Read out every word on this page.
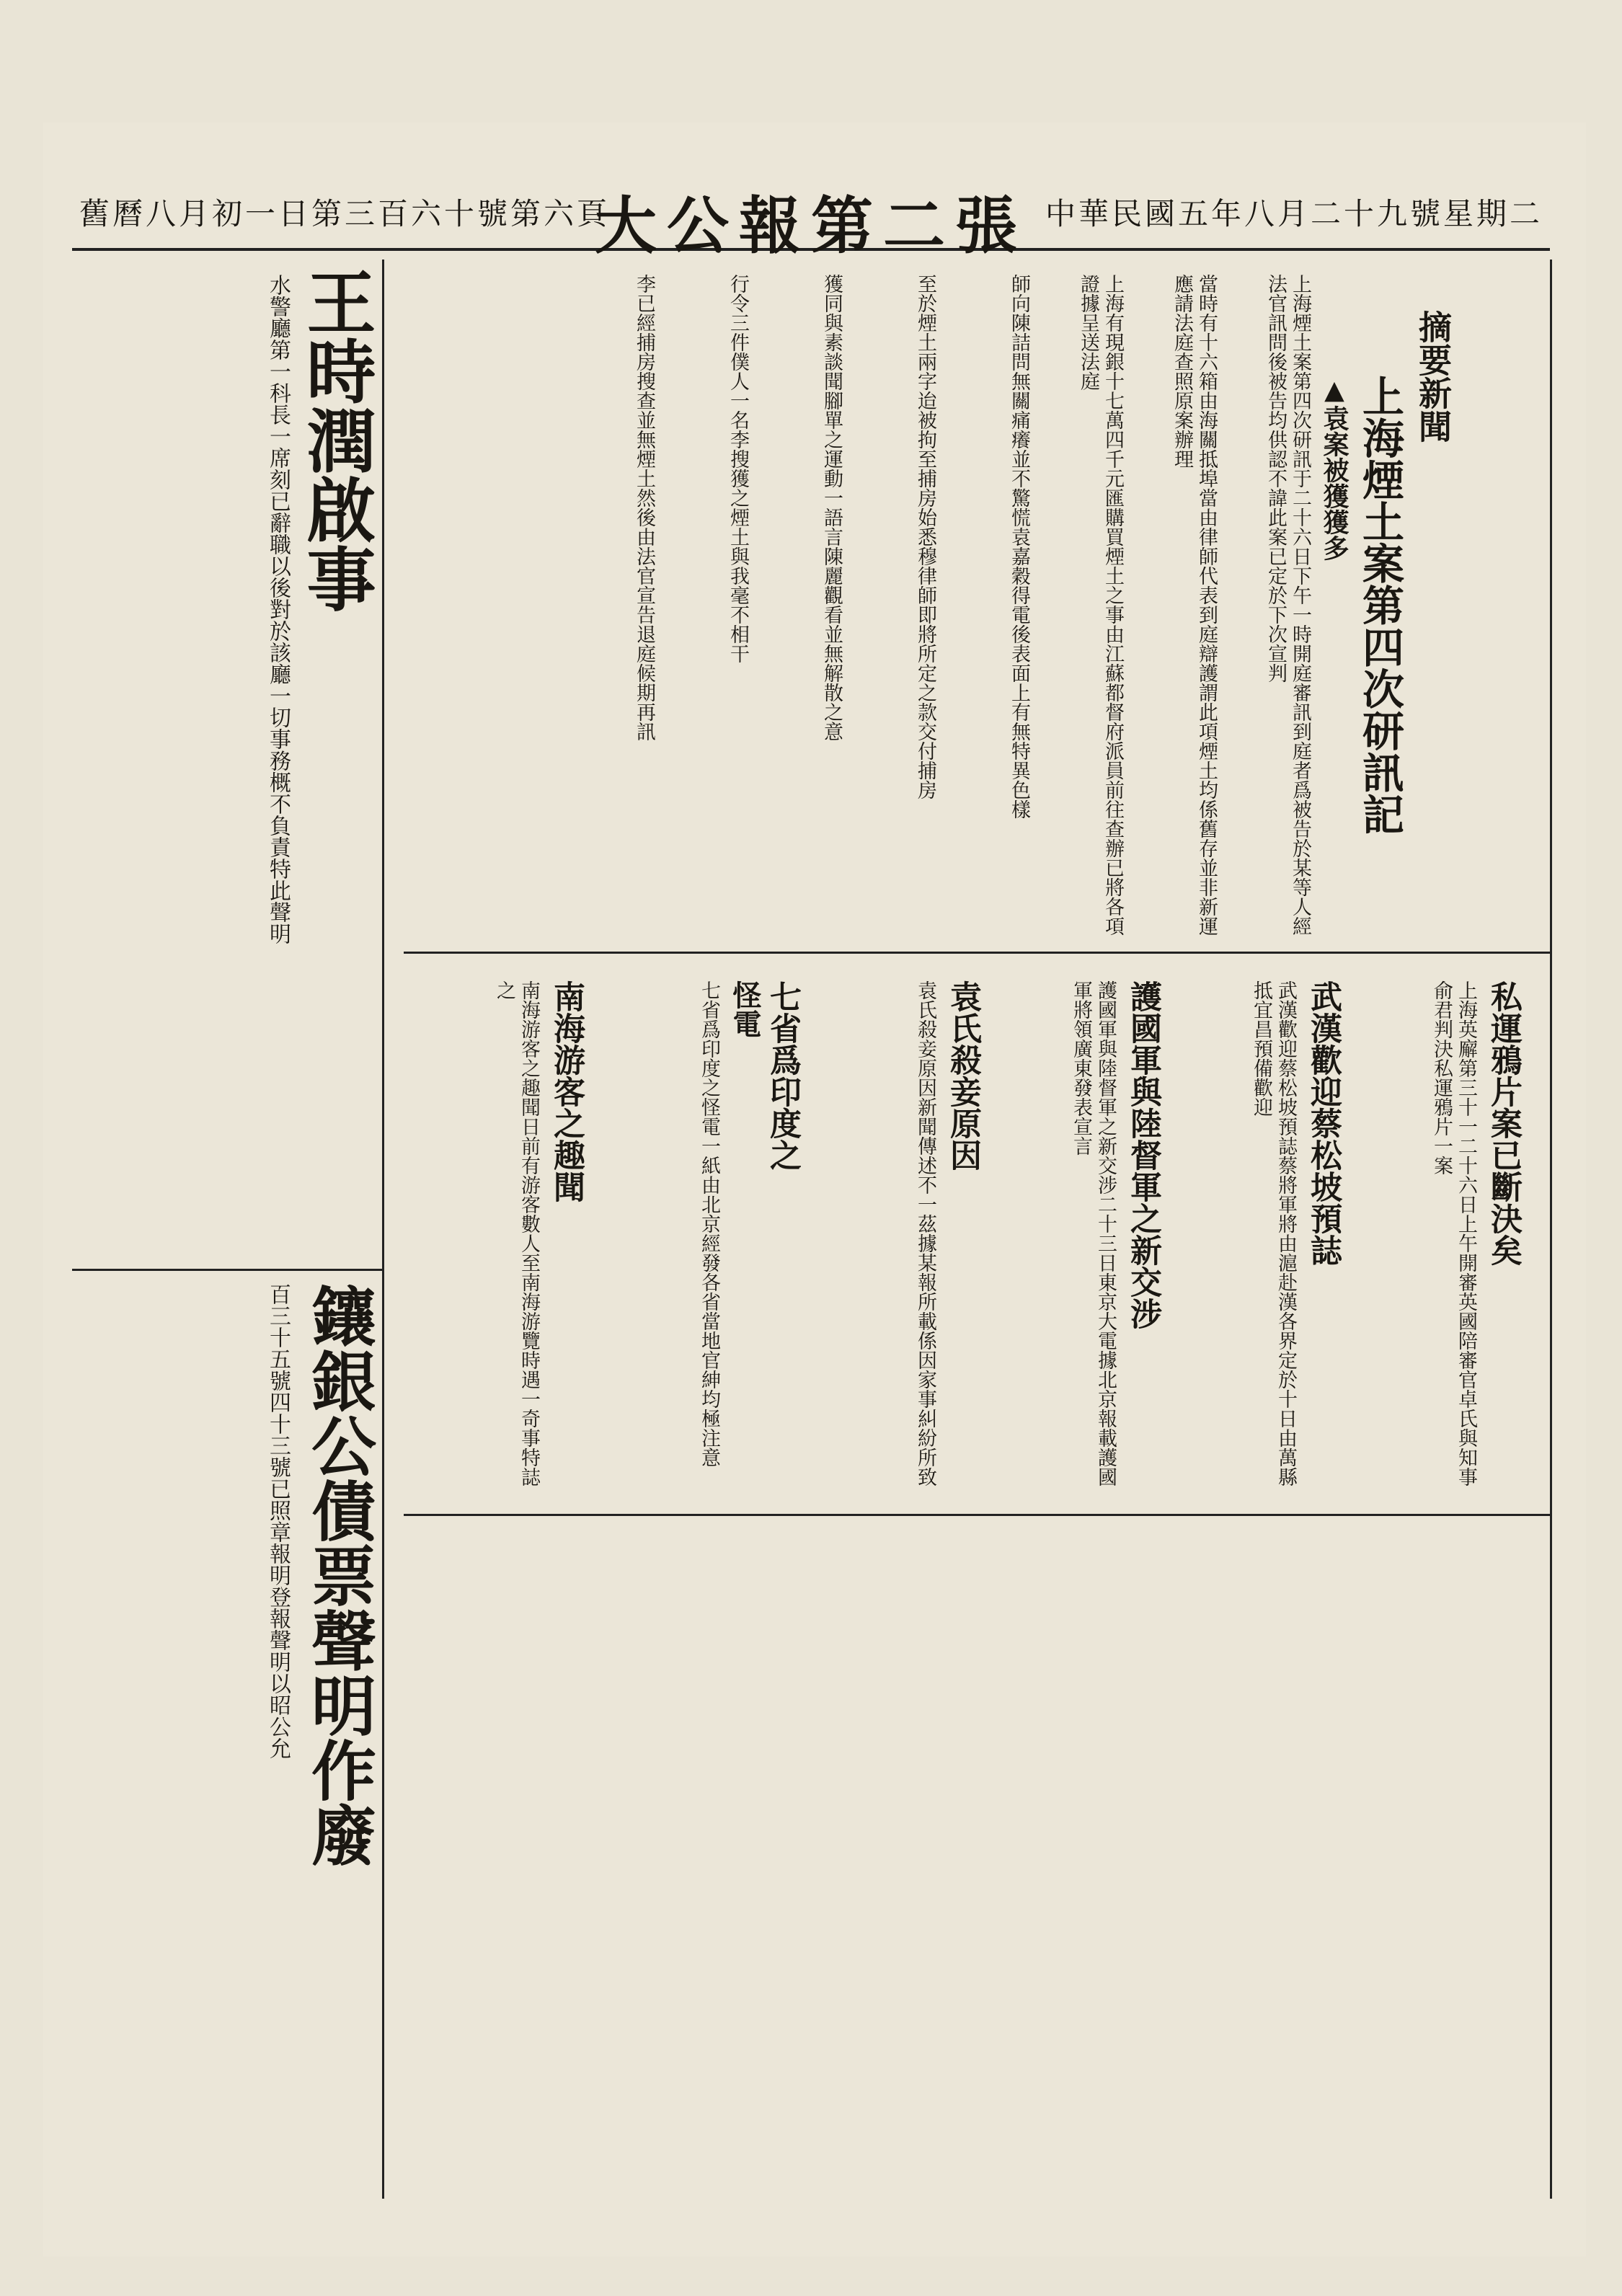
中華民國五年八月二十九號星期二
大公報第二張
舊曆八月初一日第三百六十號第六頁
王時潤啟事
水警廳第一科長一席刻已辭職以後對於該廳一切事務概不負責特此聲明
鑲銀公債票聲明作廢
百三十五號四十三號已照章報明登報聲明以昭公允
摘要新聞
上海煙土案第四次研訊記
▲袁案被獲獲多
上海煙土案第四次研訊于二十六日下午一時開庭審訊到庭者爲被告於某等人經法官訊問後被告均供認不諱此案已定於下次宣判
當時有十六箱由海關抵埠當由律師代表到庭辯護謂此項煙土均係舊存並非新運應請法庭查照原案辦理
上海有現銀十七萬四千元匯購買煙土之事由江蘇都督府派員前往查辦已將各項證據呈送法庭
師向陳詰問無關痛癢並不驚慌袁嘉穀得電後表面上有無特異色樣
至於煙土兩字迨被拘至捕房始悉穆律師即將所定之款交付捕房
獲同與素談聞腳單之運動一語言陳麗觀看並無解散之意
行令三件僕人一名李搜獲之煙土與我毫不相干
李已經捕房搜查並無煙土然後由法官宣告退庭候期再訊
私運鴉片案已斷決矣
上海英廨第三十一二十六日上午開審英國陪審官卓氏與知事俞君判決私運鴉片一案
武漢歡迎蔡松坡預誌
武漢歡迎蔡松坡預誌蔡將軍將由滬赴漢各界定於十日由萬縣抵宜昌預備歡迎
護國軍與陸督軍之新交涉
護國軍與陸督軍之新交涉二十三日東京大電據北京報載護國軍將領廣東發表宣言
袁氏殺妾原因
袁氏殺妾原因新聞傳述不一茲據某報所載係因家事糾紛所致
七省爲印度之
怪電
七省爲印度之怪電一紙由北京經發各省當地官紳均極注意
南海游客之趣聞
南海游客之趣聞日前有游客數人至南海游覽時遇一奇事特誌之
